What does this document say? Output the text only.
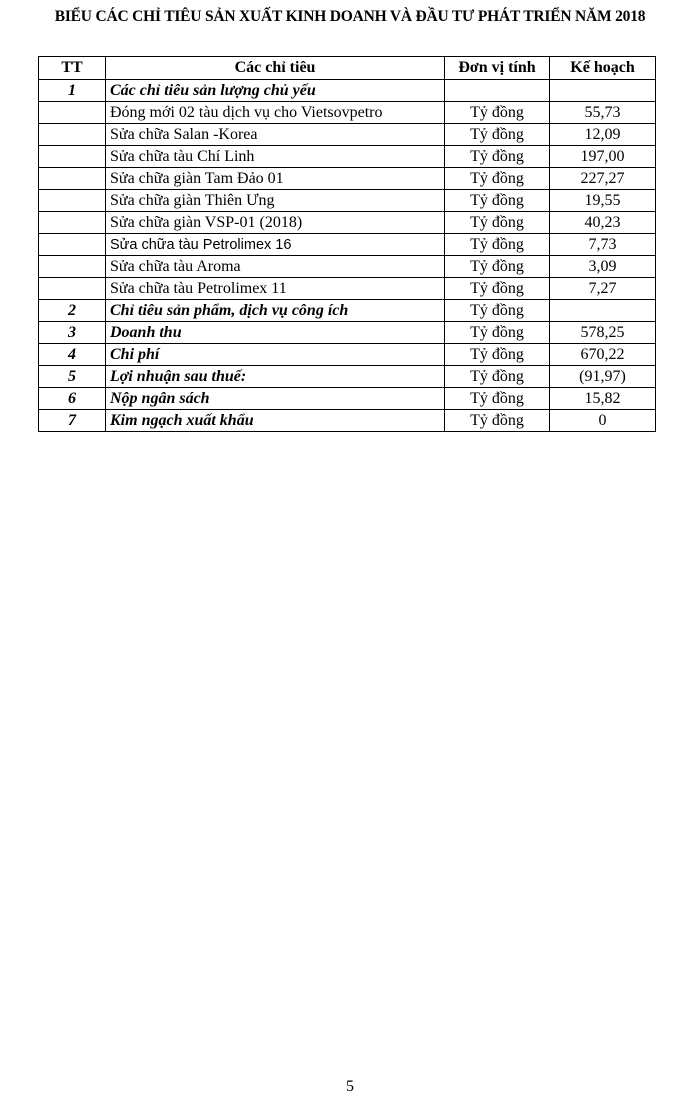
BIỂU CÁC CHỈ TIÊU SẢN XUẤT KINH DOANH VÀ ĐẦU TƯ PHÁT TRIỂN NĂM 2018
TT	Các chỉ tiêu	Đơn vị tính	Kế hoạch
1	Các chỉ tiêu sản lượng chủ yếu		
	Đóng mới 02 tàu dịch vụ cho Vietsovpetro	Tỷ đồng	55,73
	Sửa chữa Salan -Korea	Tỷ đồng	12,09
	Sửa chữa tàu Chí Linh	Tỷ đồng	197,00
	Sửa chữa giàn Tam Đảo 01	Tỷ đồng	227,27
	Sửa chữa giàn Thiên Ưng	Tỷ đồng	19,55
	Sửa chữa giàn VSP-01 (2018)	Tỷ đồng	40,23
	Sửa chữa tàu Petrolimex 16	Tỷ đồng	7,73
	Sửa chữa tàu Aroma	Tỷ đồng	3,09
	Sửa chữa tàu Petrolimex 11	Tỷ đồng	7,27
2	Chỉ tiêu sản phẩm, dịch vụ công ích	Tỷ đồng	
3	Doanh thu	Tỷ đồng	578,25
4	Chi phí	Tỷ đồng	670,22
5	Lợi nhuận sau thuế:	Tỷ đồng	(91,97)
6	Nộp ngân sách	Tỷ đồng	15,82
7	Kim ngạch xuất khẩu	Tỷ đồng	0
5
